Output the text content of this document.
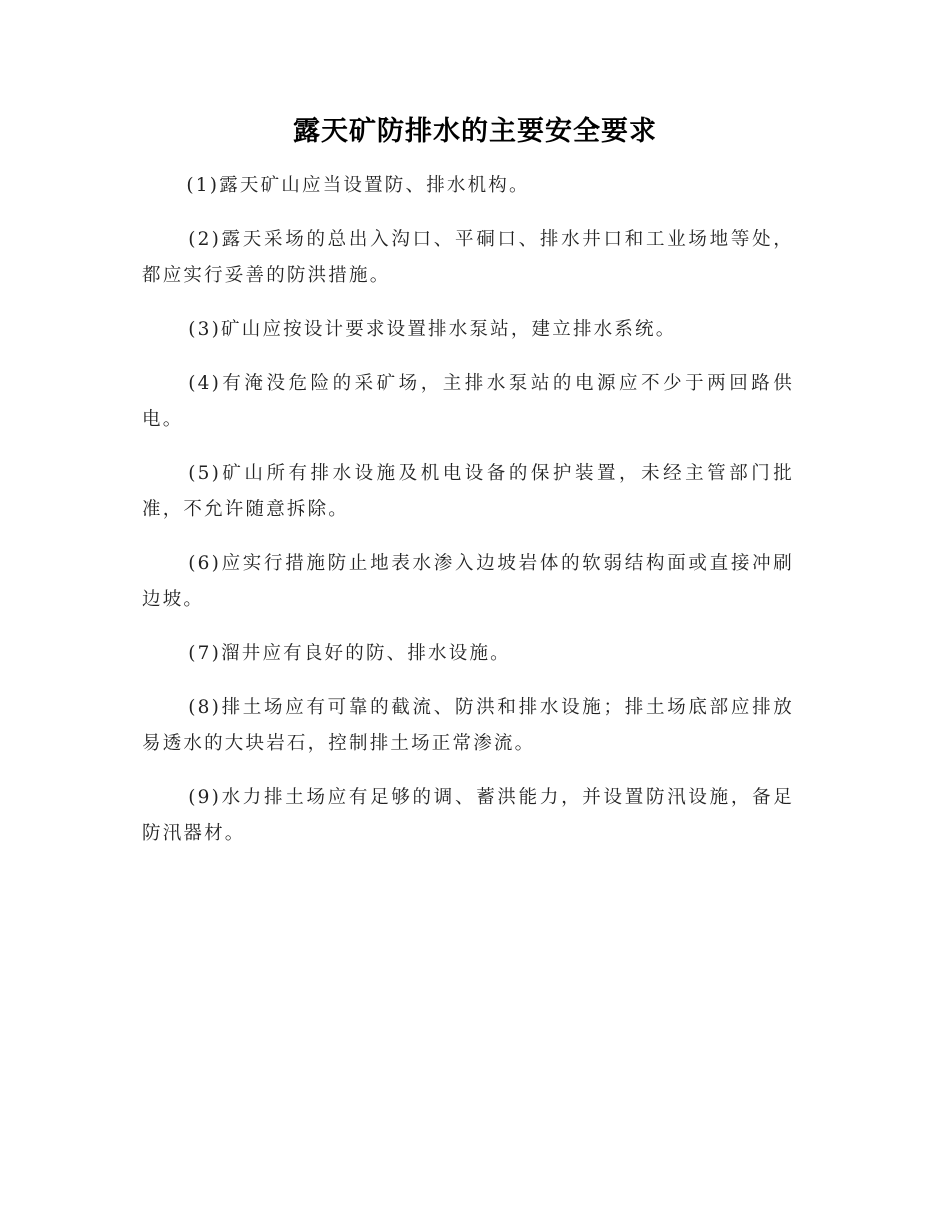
露天矿防排水的主要安全要求

(1)露天矿山应当设置防、排水机构。

(2)露天采场的总出入沟口、平硐口、排水井口和工业场地等处，都应实行妥善的防洪措施。

(3)矿山应按设计要求设置排水泵站，建立排水系统。

(4)有淹没危险的采矿场，主排水泵站的电源应不少于两回路供电。

(5)矿山所有排水设施及机电设备的保护装置，未经主管部门批准，不允许随意拆除。

(6)应实行措施防止地表水渗入边坡岩体的软弱结构面或直接冲刷边坡。

(7)溜井应有良好的防、排水设施。

(8)排土场应有可靠的截流、防洪和排水设施；排土场底部应排放易透水的大块岩石，控制排土场正常渗流。

(9)水力排土场应有足够的调、蓄洪能力，并设置防汛设施，备足防汛器材。
